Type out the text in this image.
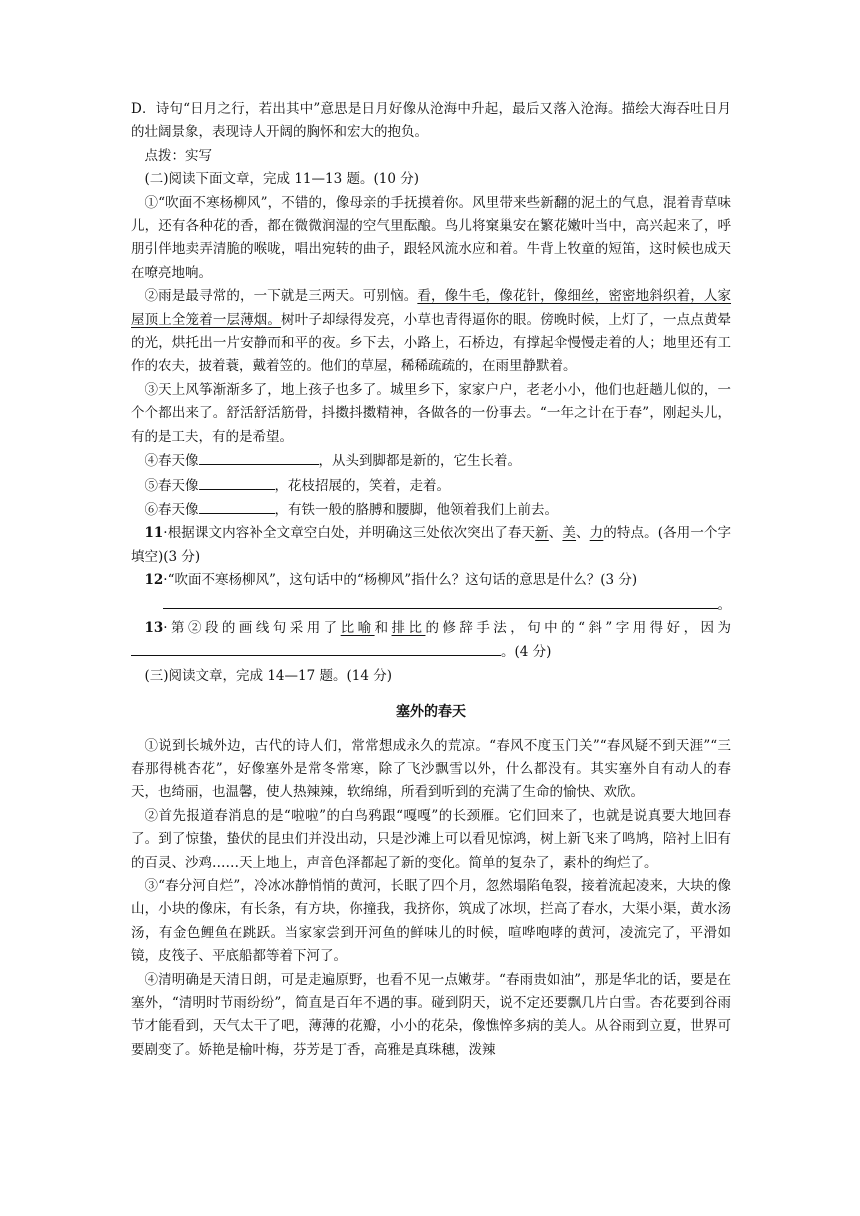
D．诗句“日月之行，若出其中”意思是日月好像从沧海中升起，最后又落入沧海。描绘大海吞吐日月的壮阔景象，表现诗人开阔的胸怀和宏大的抱负。

点拨：实写

(二)阅读下面文章，完成 11—13 题。(10 分)

①“吹面不寒杨柳风”，不错的，像母亲的手抚摸着你。风里带来些新翻的泥土的气息，混着青草味儿，还有各种花的香，都在微微润湿的空气里酝酿。鸟儿将窠巢安在繁花嫩叶当中，高兴起来了，呼朋引伴地卖弄清脆的喉咙，唱出宛转的曲子，跟轻风流水应和着。牛背上牧童的短笛，这时候也成天在嘹亮地响。

②雨是最寻常的，一下就是三两天。可别恼。看，像牛毛，像花针，像细丝，密密地斜织着，人家屋顶上全笼着一层薄烟。树叶子却绿得发亮，小草也青得逼你的眼。傍晚时候，上灯了，一点点黄晕的光，烘托出一片安静而和平的夜。乡下去，小路上，石桥边，有撑起伞慢慢走着的人；地里还有工作的农夫，披着蓑，戴着笠的。他们的草屋，稀稀疏疏的，在雨里静默着。

③天上风筝渐渐多了，地上孩子也多了。城里乡下，家家户户，老老小小，他们也赶趟儿似的，一个个都出来了。舒活舒活筋骨，抖擞抖擞精神，各做各的一份事去。“一年之计在于春”，刚起头儿，有的是工夫，有的是希望。

④春天像	，从头到脚都是新的，它生长着。

⑤春天像	，花枝招展的，笑着，走着。

⑥春天像	，有铁一般的胳膊和腰脚，他领着我们上前去。

11·根据课文内容补全文章空白处，并明确这三处依次突出了春天新、美、力的特点。(各用一个字填空)(3 分)

12·“吹面不寒杨柳风”，这句话中的“杨柳风”指什么？这句话的意思是什么？(3 分)

。

13·第②段的画线句采用了比喻和排比的修辞手法，句中的“斜”字用得好，因为。(4 分)

(三)阅读文章，完成 14—17 题。(14 分)

塞外的春天

①说到长城外边，古代的诗人们，常常想成永久的荒凉。“春风不度玉门关”“春风疑不到天涯”“三春那得桃杏花”，好像塞外是常冬常寒，除了飞沙飘雪以外，什么都没有。其实塞外自有动人的春天，也绮丽，也温馨，使人热辣辣，软绵绵，所看到听到的充满了生命的愉快、欢欣。

②首先报道春消息的是“啦啦”的白鸟鸦跟“嘎嘎”的长颈雁。它们回来了，也就是说真要大地回春了。到了惊蛰，蛰伏的昆虫们并没出动，只是沙滩上可以看见惊鸿，树上新飞来了鸣鸠，陪衬上旧有的百灵、沙鸡……天上地上，声音色泽都起了新的变化。简单的复杂了，素朴的绚烂了。

③“春分河自烂”，冷冰冰静悄悄的黄河，长眠了四个月，忽然塌陷龟裂，接着流起凌来，大块的像山，小块的像床，有长条，有方块，你撞我，我挤你，筑成了冰坝，拦高了春水，大渠小渠，黄水汤汤，有金色鲤鱼在跳跃。当家家尝到开河鱼的鲜味儿的时候，喧哗咆哮的黄河，凌流完了，平滑如镜，皮筏子、平底船都等着下河了。

④清明确是天清日朗，可是走遍原野，也看不见一点嫩芽。“春雨贵如油”，那是华北的话，要是在塞外，“清明时节雨纷纷”，简直是百年不遇的事。碰到阴天，说不定还要飘几片白雪。杏花要到谷雨节才能看到，天气太干了吧，薄薄的花瓣，小小的花朵，像憔悴多病的美人。从谷雨到立夏，世界可要剧变了。娇艳是榆叶梅，芬芳是丁香，高雅是真珠穗，泼辣
